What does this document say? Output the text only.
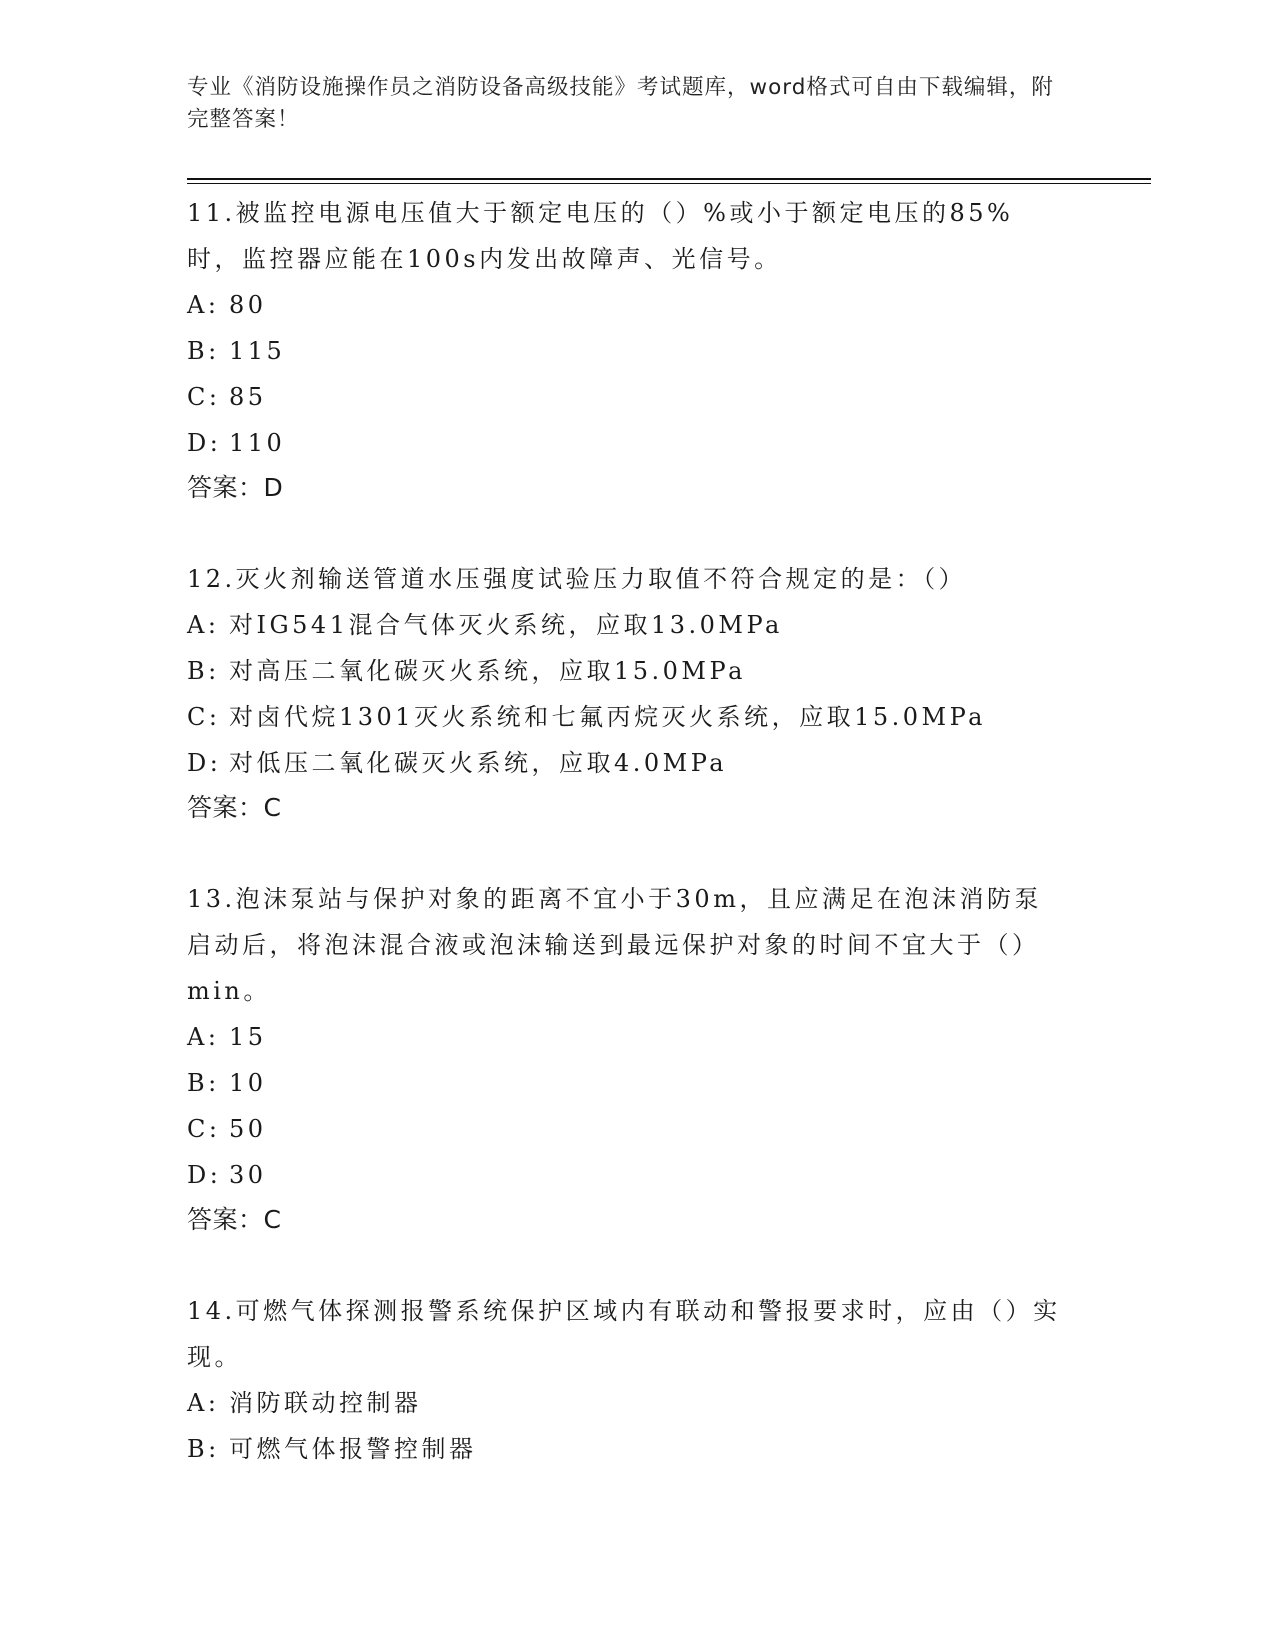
专业《消防设施操作员之消防设备高级技能》考试题库，word格式可自由下载编辑，附完整答案！

11.被监控电源电压值大于额定电压的（）%或小于额定电压的85%时，监控器应能在100s内发出故障声、光信号。

A: 80

B: 115

C: 85

D: 110

答案：D

12.灭火剂输送管道水压强度试验压力取值不符合规定的是：（）

A: 对IG541混合气体灭火系统，应取13.0MPa

B: 对高压二氧化碳灭火系统，应取15.0MPa

C: 对卤代烷1301灭火系统和七氟丙烷灭火系统，应取15.0MPa

D: 对低压二氧化碳灭火系统，应取4.0MPa

答案：C

13.泡沫泵站与保护对象的距离不宜小于30m，且应满足在泡沫消防泵启动后，将泡沫混合液或泡沫输送到最远保护对象的时间不宜大于（）min。

A: 15

B: 10

C: 50

D: 30

答案：C

14.可燃气体探测报警系统保护区域内有联动和警报要求时，应由（）实现。

A: 消防联动控制器

B: 可燃气体报警控制器
